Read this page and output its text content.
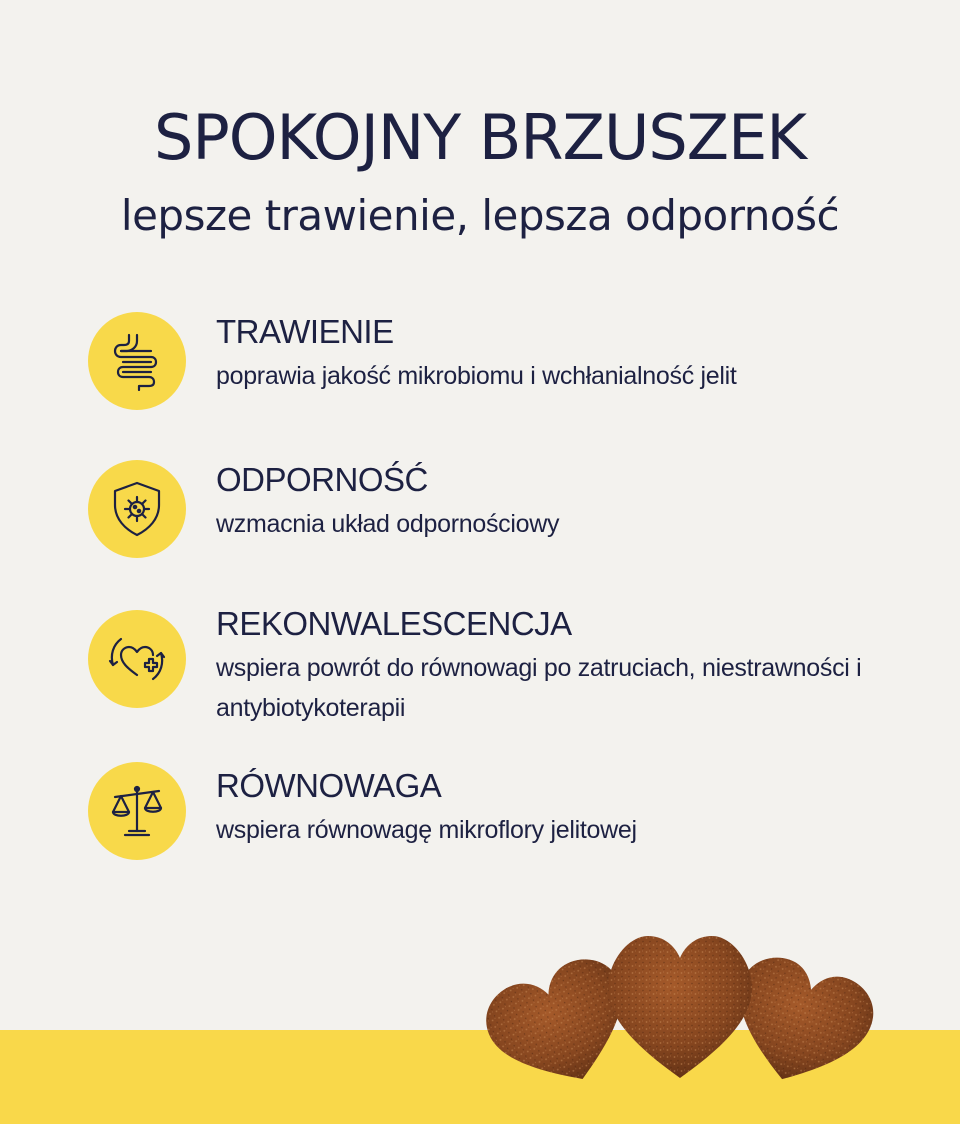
SPOKOJNY BRZUSZEK
lepsze trawienie, lepsza odporność
TRAWIENIE
poprawia jakość mikrobiomu i wchłanialność jelit
ODPORNOŚĆ
wzmacnia układ odpornościowy
REKONWALESCENCJA
wspiera powrót do równowagi po zatruciach, niestrawności i antybiotykoterapii
RÓWNOWAGA
wspiera równowagę mikroflory jelitowej
